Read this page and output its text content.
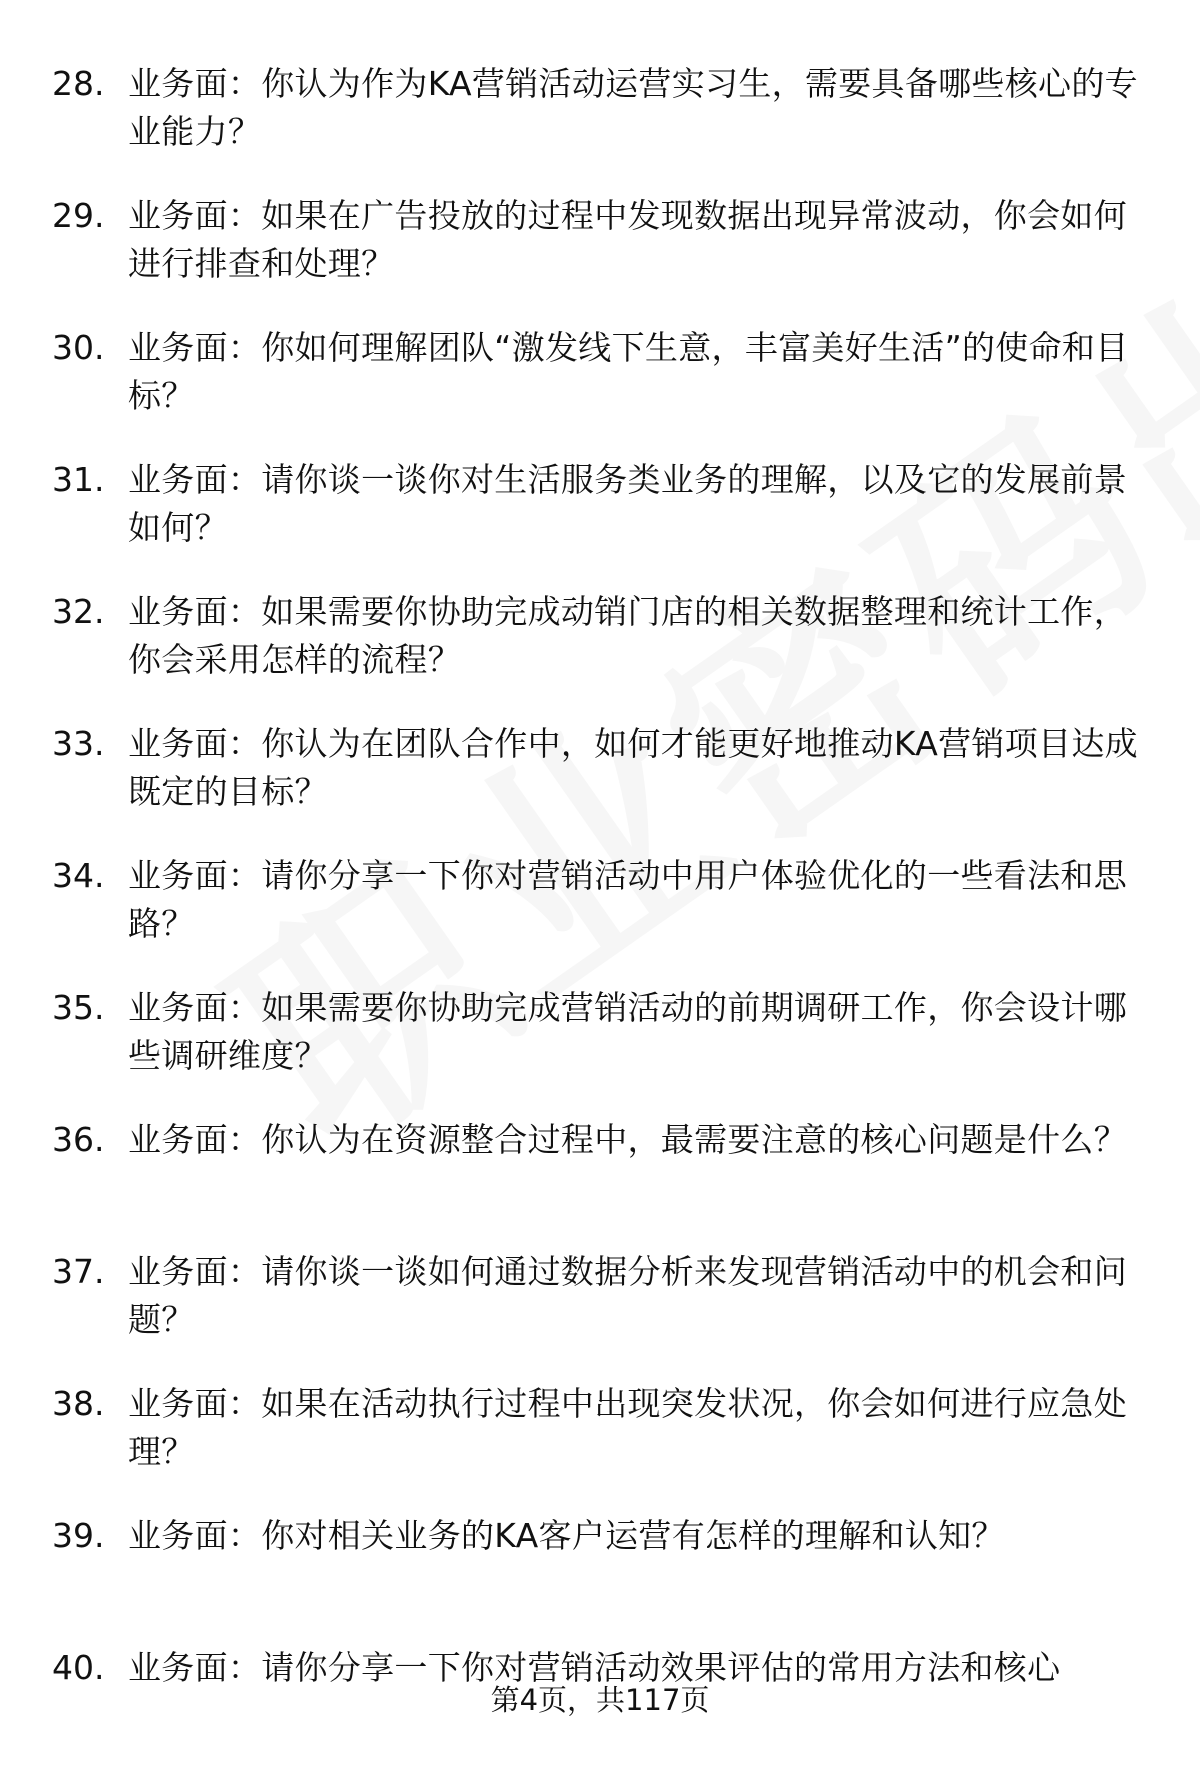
28. 业务面：你认为作为KA营销活动运营实习生，需要具备哪些核心的专业能力？
29. 业务面：如果在广告投放的过程中发现数据出现异常波动，你会如何进行排查和处理？
30. 业务面：你如何理解团队“激发线下生意，丰富美好生活”的使命和目标？
31. 业务面：请你谈一谈你对生活服务类业务的理解，以及它的发展前景如何？
32. 业务面：如果需要你协助完成动销门店的相关数据整理和统计工作，你会采用怎样的流程？
33. 业务面：你认为在团队合作中，如何才能更好地推动KA营销项目达成既定的目标？
34. 业务面：请你分享一下你对营销活动中用户体验优化的一些看法和思路？
35. 业务面：如果需要你协助完成营销活动的前期调研工作，你会设计哪些调研维度？
36. 业务面：你认为在资源整合过程中，最需要注意的核心问题是什么？
37. 业务面：请你谈一谈如何通过数据分析来发现营销活动中的机会和问题？
38. 业务面：如果在活动执行过程中出现突发状况，你会如何进行应急处理？
39. 业务面：你对相关业务的KA客户运营有怎样的理解和认知？
40. 业务面：请你分享一下你对营销活动效果评估的常用方法和核心
第4页，共117页
